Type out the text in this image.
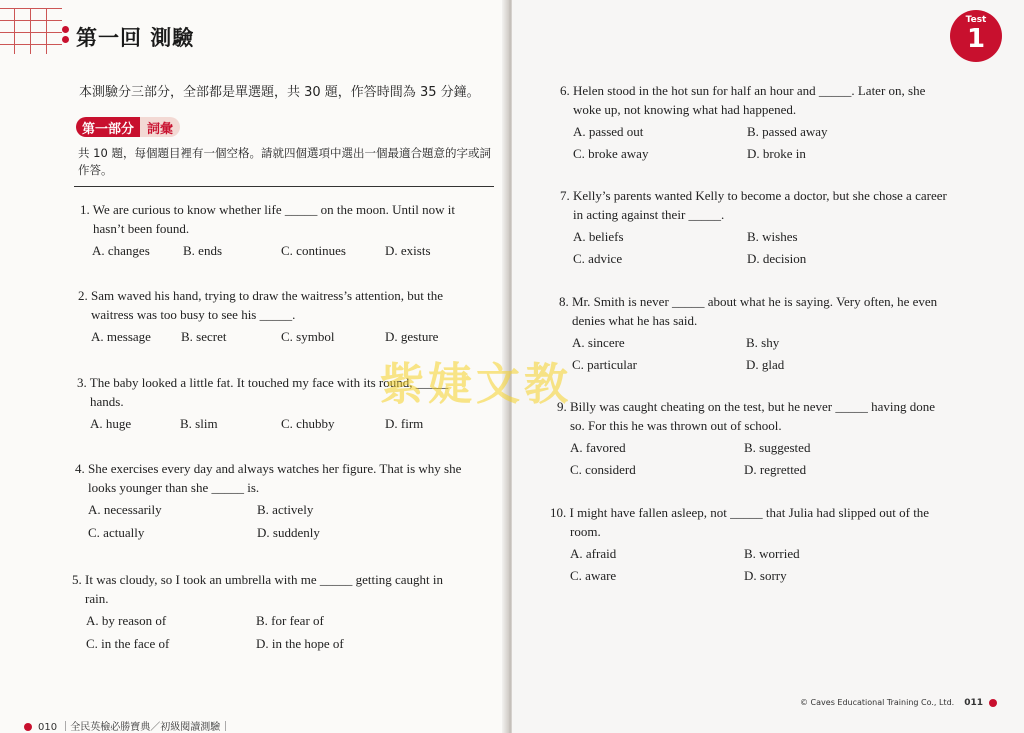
第一回 測驗
本測驗分三部分，全部都是單選題，共 30 題，作答時間為 35 分鐘。
第一部分	詞彙
共 10 題，每個題目裡有一個空格。請就四個選項中選出一個最適合題意的字或詞作答。
1. We are curious to know whether life _____ on the moon. Until now it
hasn’t been found.
A. changes	B. ends	C. continues	D. exists
2. Sam waved his hand, trying to draw the waitress’s attention, but the
waitress was too busy to see his _____.
A. message B. secret	C. symbol	D. gesture
3. The baby looked a little fat. It touched my face with its round, _____
hands.
A. huge	B. slim	C. chubby	D. firm
4. She exercises every day and always watches her figure. That is why she
looks younger than she _____ is.
A. necessarily	B. actively
C. actually	D. suddenly
5. It was cloudy, so I took an umbrella with me _____ getting caught in
rain.
A. by reason of	B. for fear of
C. in the face of	D. in the hope of
010 ｜全民英檢必勝寶典／初級閱讀測驗｜
Test
1
6. Helen stood in the hot sun for half an hour and _____. Later on, she
woke up, not knowing what had happened.
A. passed out	B. passed away
C. broke away	D. broke in
7. Kelly’s parents wanted Kelly to become a doctor, but she chose a career
in acting against their _____.
A. beliefs	B. wishes
C. advice	D. decision
8. Mr. Smith is never _____ about what he is saying. Very often, he even
denies what he has said.
A. sincere	B. shy
C. particular	D. glad
9. Billy was caught cheating on the test, but he never _____ having done
so. For this he was thrown out of school.
A. favored	B. suggested
C. considerd	D. regretted
10. I might have fallen asleep, not _____ that Julia had slipped out of the
room.
A. afraid	B. worried
C. aware	D. sorry
© Caves Educational Training Co., Ltd. 011
紫婕文教
